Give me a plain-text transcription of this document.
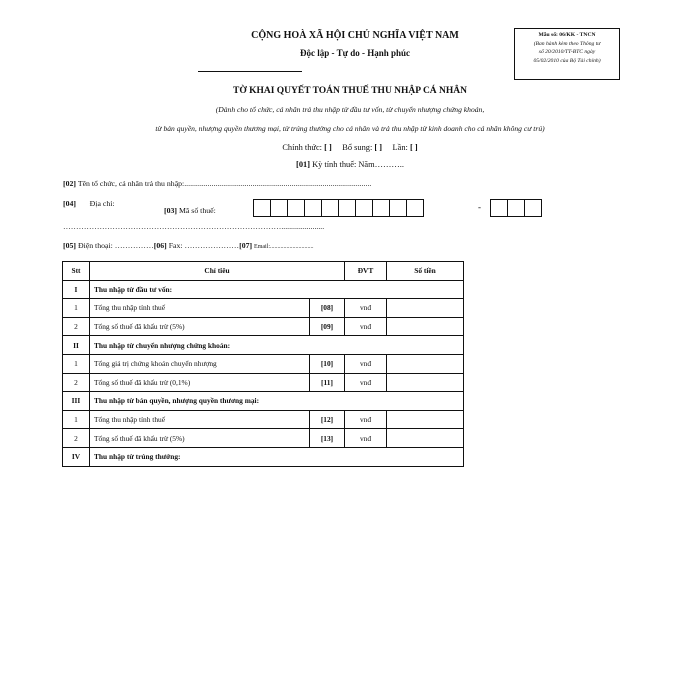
CỘNG HOÀ XÃ HỘI CHỦ NGHĨA VIỆT NAM
Độc lập - Tự do - Hạnh phúc
Mẫu số: 06/KK - TNCN
(Ban hành kèm theo Thông tư
số 20/2010/TT-BTC ngày
05/02/2010 của Bộ Tài chính)
TỜ KHAI QUYẾT TOÁN THUẾ THU NHẬP CÁ NHÂN
(Dành cho tổ chức, cá nhân trả thu nhập từ đầu tư vốn, từ chuyển nhượng chứng khoán,
từ bản quyền, nhượng quyền thương mại, từ trúng thưởng cho cá nhân và trả thu nhập từ kinh doanh cho cá nhân không cư trú)
Chính thức: [ ] Bổ sung: [ ] Lần: [ ]
[01] Kỳ tính thuế: Năm………..
[02] Tên tổ chức, cá nhân trả thu nhập:................................................................................................
[04] Địa chỉ:
[03] Mã số thuế:	-
…………………………………………………………………………......................
[05] Điện thoại: ……………[06] Fax: …………………[07] Email:.............................
Stt	Chỉ tiêu		ĐVT	Số tiền
I	Thu nhập từ đầu tư vốn:			
1	Tổng thu nhập tính thuế	[08]	vnđ	
2	Tổng số thuế đã khấu trừ (5%)	[09]	vnđ	
II	Thu nhập từ chuyển nhượng chứng khoán:			
1	Tổng giá trị chứng khoán chuyển nhượng	[10]	vnđ	
2	Tổng số thuế đã khấu trừ (0,1%)	[11]	vnđ	
III	Thu nhập từ bản quyền, nhượng quyền thương mại:			
1	Tổng thu nhập tính thuế	[12]	vnđ	
2	Tổng số thuế đã khấu trừ (5%)	[13]	vnđ	
IV	Thu nhập từ trúng thưởng:			
